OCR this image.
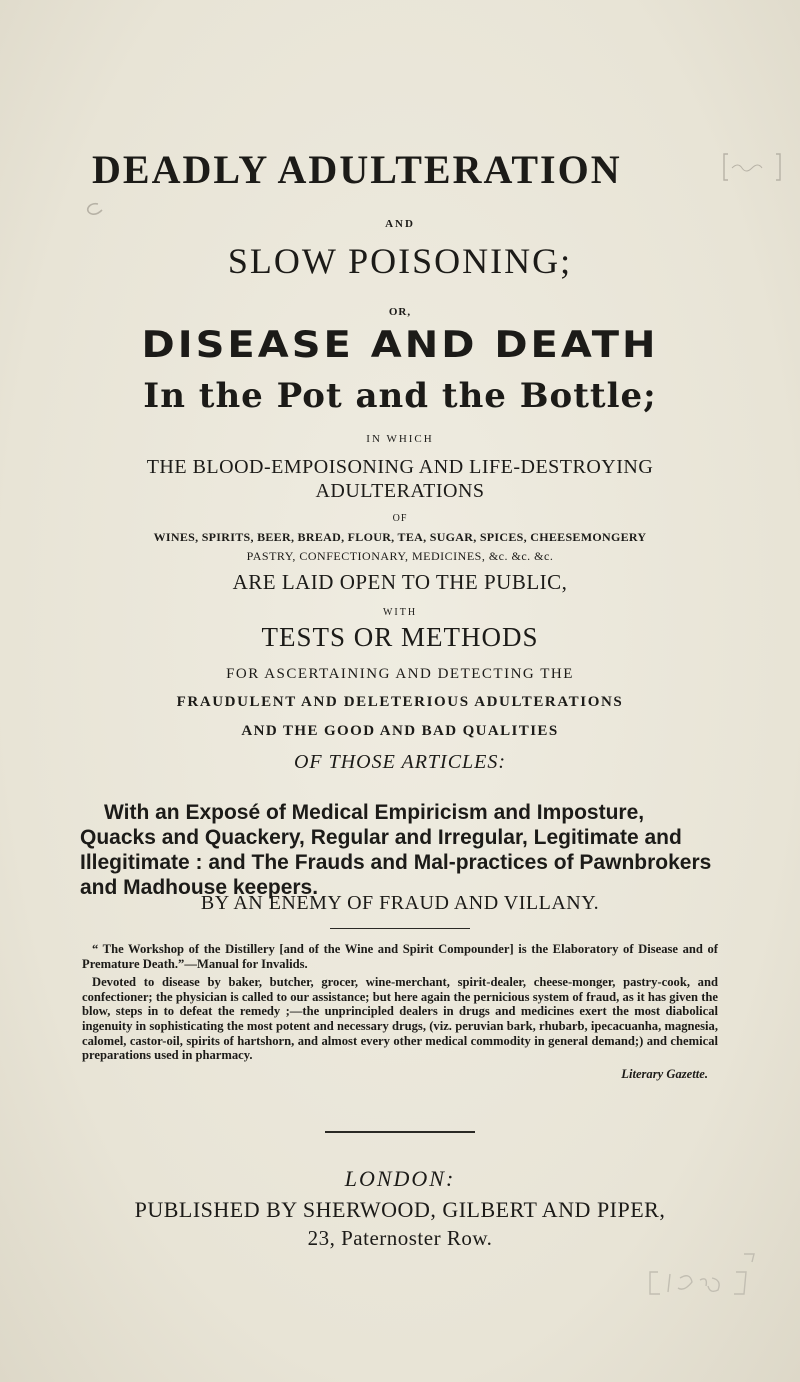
DEADLY ADULTERATION
AND
SLOW POISONING;
OR,
DISEASE AND DEATH
In the Pot and the Bottle;
IN WHICH
THE BLOOD-EMPOISONING AND LIFE-DESTROYING
ADULTERATIONS
OF
WINES, SPIRITS, BEER, BREAD, FLOUR, TEA, SUGAR, SPICES, CHEESEMONGERY
PASTRY, CONFECTIONARY, MEDICINES, &c. &c. &c.
ARE LAID OPEN TO THE PUBLIC,
WITH
TESTS OR METHODS
FOR ASCERTAINING AND DETECTING THE
FRAUDULENT AND DELETERIOUS ADULTERATIONS
AND THE GOOD AND BAD QUALITIES
OF THOSE ARTICLES:

With an Exposé of Medical Empiricism and Imposture, Quacks and Quackery, Regular and Irregular, Legitimate and Illegitimate : and The Frauds and Mal-practices of Pawnbrokers and Madhouse keepers.

BY AN ENEMY OF FRAUD AND VILLANY.

“ The Workshop of the Distillery [and of the Wine and Spirit Compounder] is the Elaboratory of Disease and of Premature Death.”—Manual for Invalids.

Devoted to disease by baker, butcher, grocer, wine-merchant, spirit-dealer, cheese-monger, pastry-cook, and confectioner; the physician is called to our assistance; but here again the pernicious system of fraud, as it has given the blow, steps in to defeat the remedy ;—the unprincipled dealers in drugs and medicines exert the most diabolical ingenuity in sophisticating the most potent and necessary drugs, (viz. peruvian bark, rhubarb, ipecacuanha, magnesia, calomel, castor-oil, spirits of hartshorn, and almost every other medical commodity in general demand;) and chemical preparations used in pharmacy.

Literary Gazette.

LONDON:
PUBLISHED BY SHERWOOD, GILBERT AND PIPER,
23, Paternoster Row.
